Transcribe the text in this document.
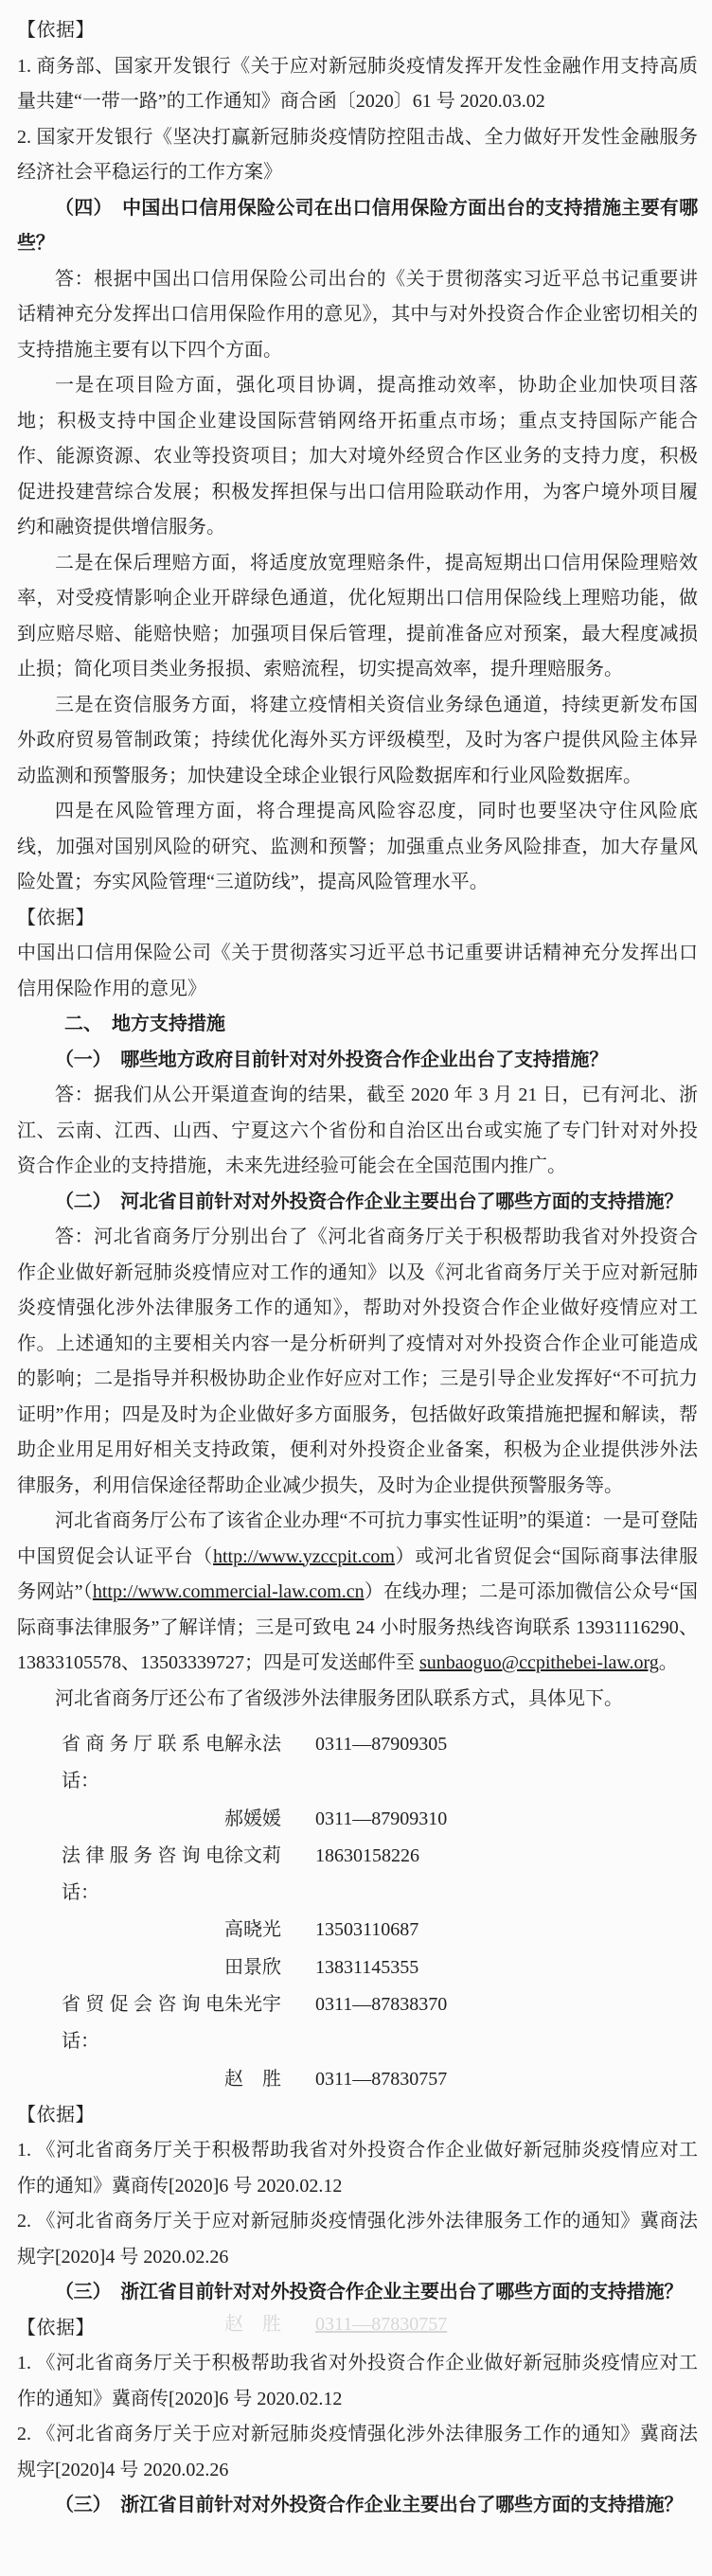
【依据】

1. 商务部、国家开发银行《关于应对新冠肺炎疫情发挥开发性金融作用支持高质量共建“一带一路”的工作通知》商合函〔2020〕61 号 2020.03.02

2. 国家开发银行《坚决打赢新冠肺炎疫情防控阻击战、全力做好开发性金融服务经济社会平稳运行的工作方案》

（四）　中国出口信用保险公司在出口信用保险方面出台的支持措施主要有哪些？

答：根据中国出口信用保险公司出台的《关于贯彻落实习近平总书记重要讲话精神充分发挥出口信用保险作用的意见》，其中与对外投资合作企业密切相关的支持措施主要有以下四个方面。

一是在项目险方面，强化项目协调，提高推动效率，协助企业加快项目落地；积极支持中国企业建设国际营销网络开拓重点市场；重点支持国际产能合作、能源资源、农业等投资项目；加大对境外经贸合作区业务的支持力度，积极促进投建营综合发展；积极发挥担保与出口信用险联动作用，为客户境外项目履约和融资提供增信服务。

二是在保后理赔方面，将适度放宽理赔条件，提高短期出口信用保险理赔效率，对受疫情影响企业开辟绿色通道，优化短期出口信用保险线上理赔功能，做到应赔尽赔、能赔快赔；加强项目保后管理，提前准备应对预案，最大程度减损止损；简化项目类业务报损、索赔流程，切实提高效率，提升理赔服务。

三是在资信服务方面，将建立疫情相关资信业务绿色通道，持续更新发布国外政府贸易管制政策；持续优化海外买方评级模型，及时为客户提供风险主体异动监测和预警服务；加快建设全球企业银行风险数据库和行业风险数据库。

四是在风险管理方面，将合理提高风险容忍度，同时也要坚决守住风险底线，加强对国别风险的研究、监测和预警；加强重点业务风险排查，加大存量风险处置；夯实风险管理“三道防线”，提高风险管理水平。

【依据】

中国出口信用保险公司《关于贯彻落实习近平总书记重要讲话精神充分发挥出口信用保险作用的意见》

二、　地方支持措施

（一）　哪些地方政府目前针对对外投资合作企业出台了支持措施？

答：据我们从公开渠道查询的结果，截至 2020 年 3 月 21 日，已有河北、浙江、云南、江西、山西、宁夏这六个省份和自治区出台或实施了专门针对对外投资合作企业的支持措施，未来先进经验可能会在全国范围内推广。

（二）　河北省目前针对对外投资合作企业主要出台了哪些方面的支持措施？

答：河北省商务厅分别出台了《河北省商务厅关于积极帮助我省对外投资合作企业做好新冠肺炎疫情应对工作的通知》以及《河北省商务厅关于应对新冠肺炎疫情强化涉外法律服务工作的通知》，帮助对外投资合作企业做好疫情应对工作。上述通知的主要相关内容一是分析研判了疫情对对外投资合作企业可能造成的影响；二是指导并积极协助企业作好应对工作；三是引导企业发挥好“不可抗力证明”作用；四是及时为企业做好多方面服务，包括做好政策措施把握和解读，帮助企业用足用好相关支持政策，便利对外投资企业备案，积极为企业提供涉外法律服务，利用信保途径帮助企业减少损失，及时为企业提供预警服务等。

河北省商务厅公布了该省企业办理“不可抗力事实性证明”的渠道：一是可登陆中国贸促会认证平台（http://www.yzccpit.com）或河北省贸促会“国际商事法律服务网站”（http://www.commercial-law.com.cn）在线办理；二是可添加微信公众号“国际商事法律服务”了解详情；三是可致电 24 小时服务热线咨询联系 13931116290、13833105578、13503339727；四是可发送邮件至 sunbaoguo@ccpithebei-law.org。

河北省商务厅还公布了省级涉外法律服务团队联系方式，具体见下。

省商务厅联系电话：
解永法	0311—87909305
郝媛媛	0311—87909310
法律服务咨询电话：
徐文莉	18630158226
高晓光	13503110687
田景欣	13831145355
省贸促会咨询电话：
朱光宇	0311—87838370
赵　胜	0311—87830757

【依据】

1. 《河北省商务厅关于积极帮助我省对外投资合作企业做好新冠肺炎疫情应对工作的通知》冀商传[2020]6 号 2020.02.12

2. 《河北省商务厅关于应对新冠肺炎疫情强化涉外法律服务工作的通知》冀商法规字[2020]4 号 2020.02.26

（三）　浙江省目前针对对外投资合作企业主要出台了哪些方面的支持措施？

【依据】

1. 《河北省商务厅关于积极帮助我省对外投资合作企业做好新冠肺炎疫情应对工作的通知》冀商传[2020]6 号 2020.02.12

2. 《河北省商务厅关于应对新冠肺炎疫情强化涉外法律服务工作的通知》冀商法规字[2020]4 号 2020.02.26

（三）　浙江省目前针对对外投资合作企业主要出台了哪些方面的支持措施？

赵　胜	0311—87830757
